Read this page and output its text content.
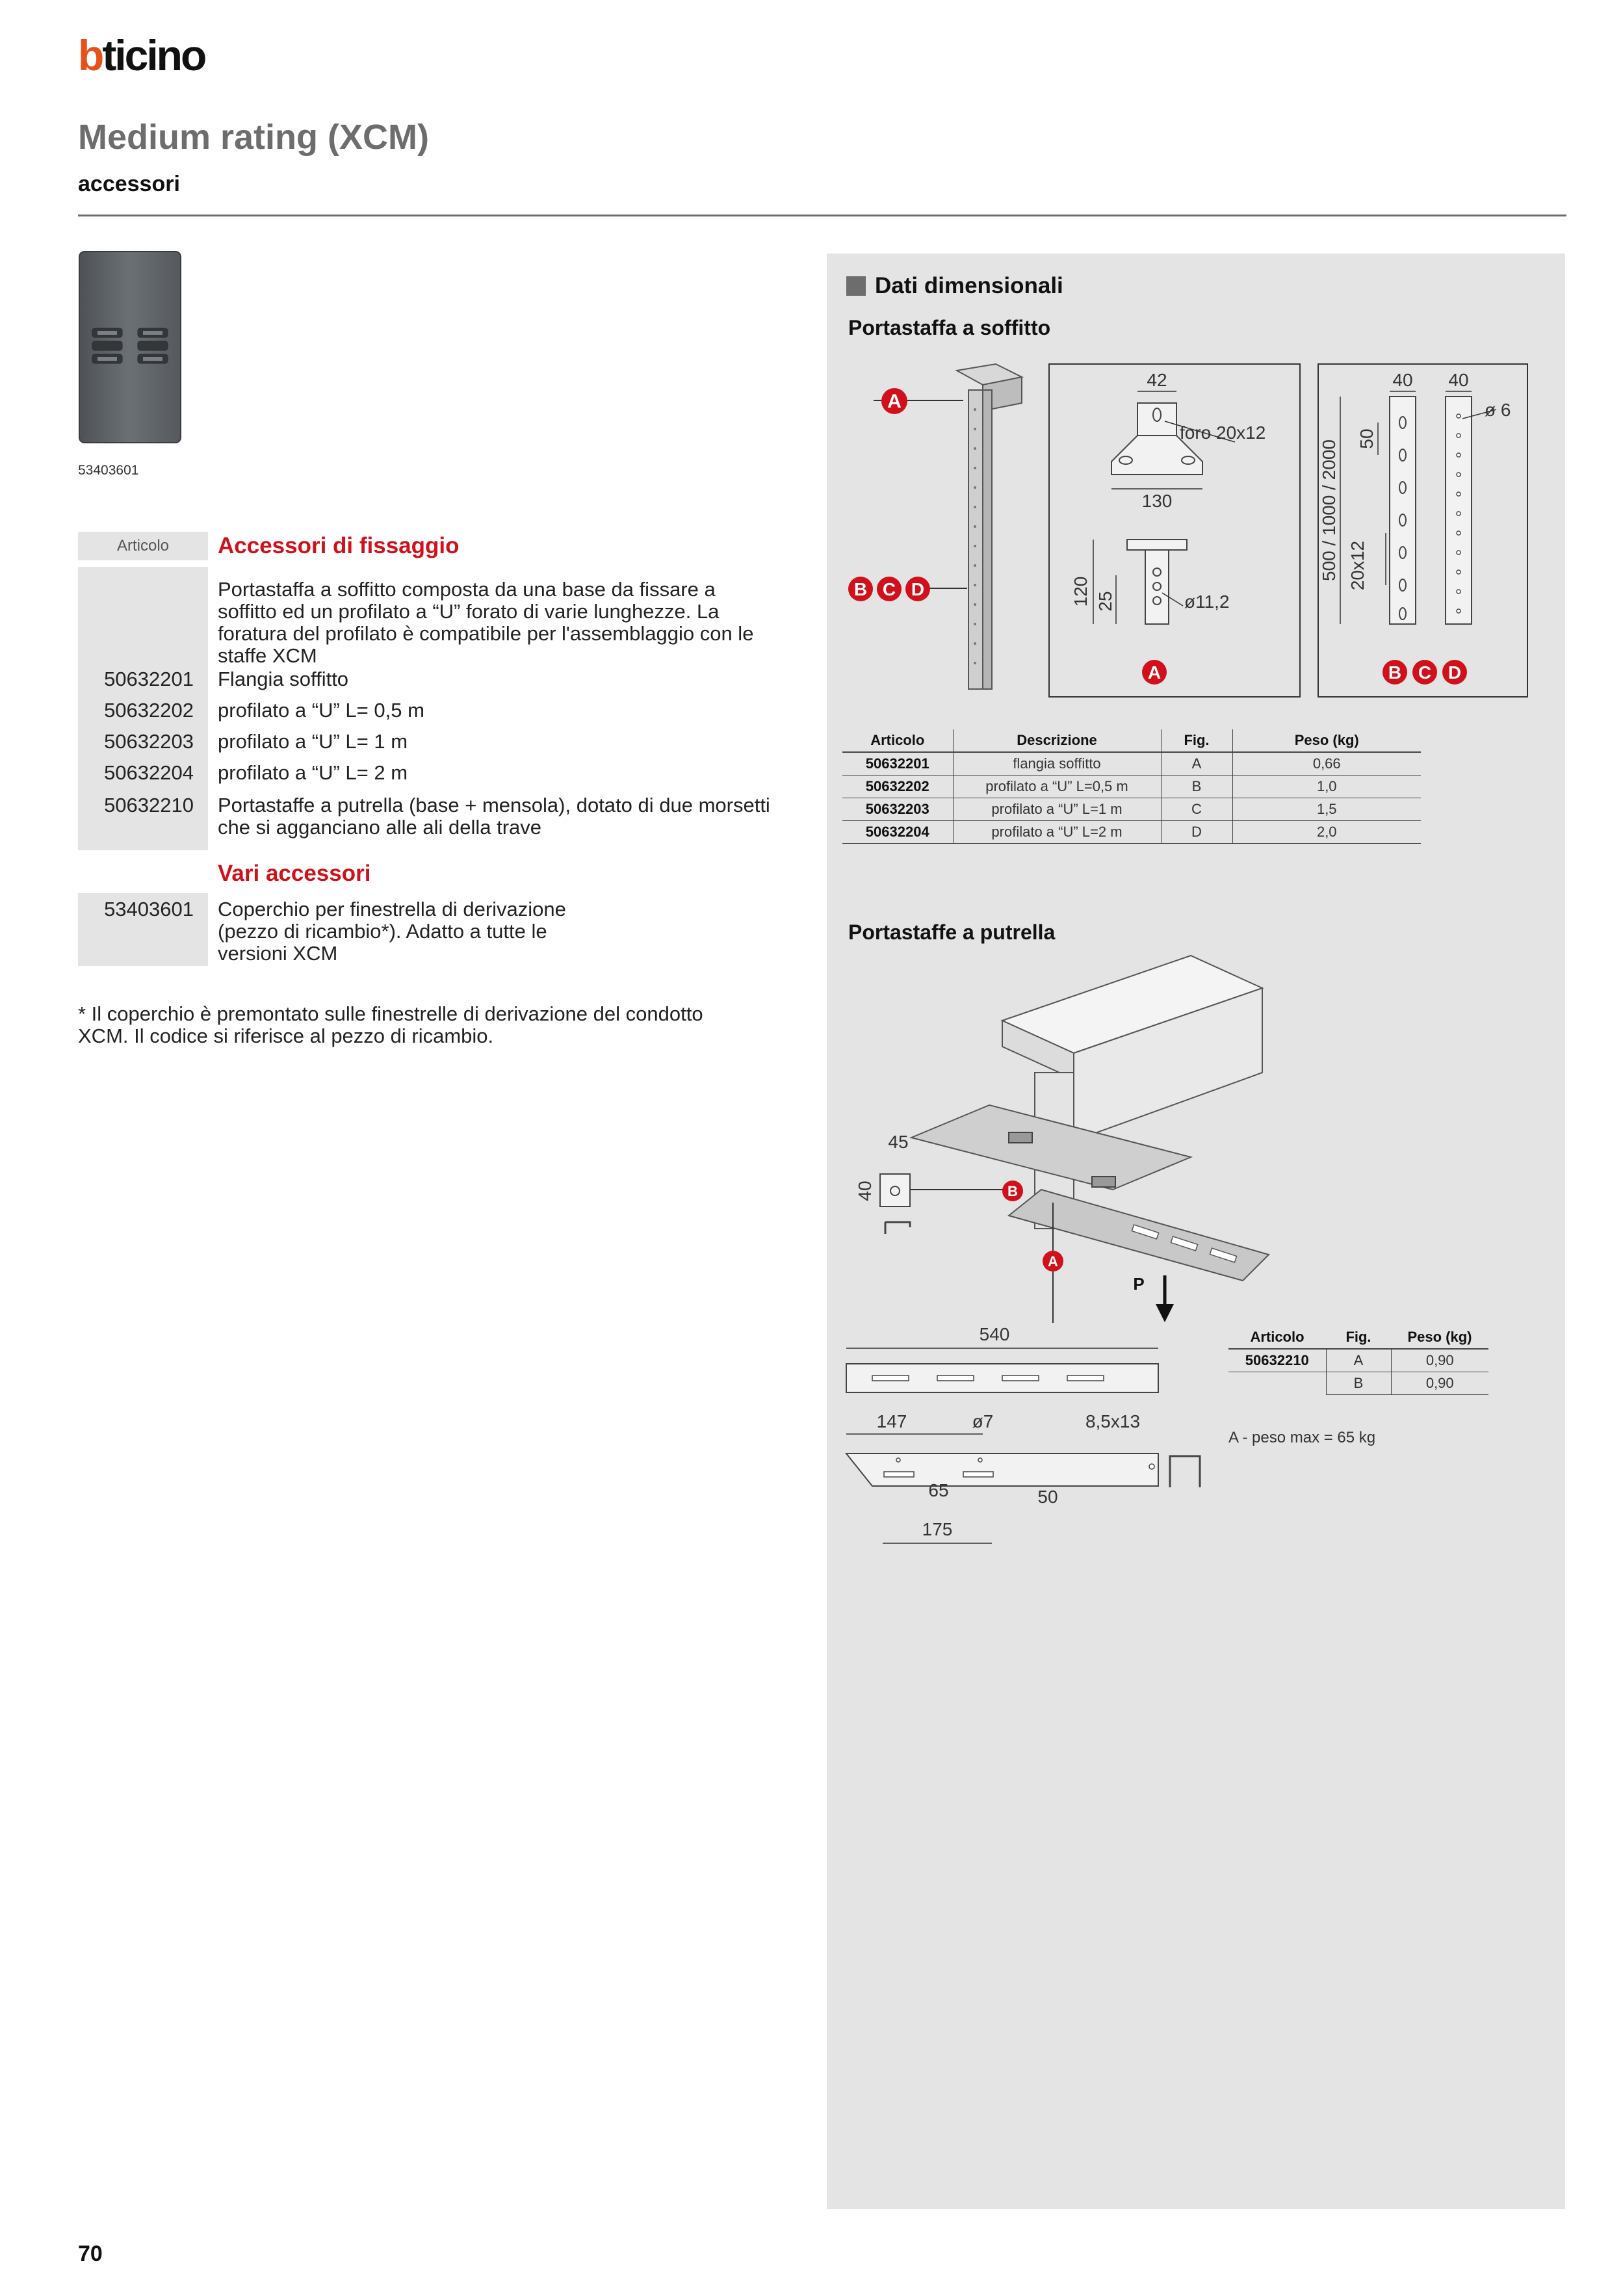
bticino
Medium rating (XCM)
accessori
53403601
Articolo	Accessori di fissaggio
Portastaffa a soffitto composta da una base da fissare a soffitto ed un profilato a “U” forato di varie lunghezze. La foratura del profilato è compatibile per l'assemblaggio con le staffe XCM
50632201	Flangia soffitto
50632202	profilato a “U” L= 0,5 m
50632203	profilato a “U” L= 1 m
50632204	profilato a “U” L= 2 m
50632210	Portastaffe a putrella (base + mensola), dotato di due morsetti che si agganciano alle ali della trave
Vari accessori
53403601	Coperchio per finestrella di derivazione (pezzo di ricambio*). Adatto a tutte le versioni XCM
* Il coperchio è premontato sulle finestrelle di derivazione del condotto XCM. Il codice si riferisce al pezzo di ricambio.
Dati dimensionali
Portastaffa a soffitto
A
B C D
42
foro 20x12
130
120 25	ø11,2
A
40 40
ø 6
50
500 / 1000 / 2000 20x12
B C D
Articolo	Descrizione	Fig.	Peso (kg)
50632201	flangia soffitto	A	0,66
50632202	profilato a “U” L=0,5 m	B	1,0
50632203	profilato a “U” L=1 m	C	1,5
50632204	profilato a “U” L=2 m	D	2,0
Portastaffe a putrella
B
A
P
45
40
540
147	ø7	8,5x13
65	50
175
Articolo	Fig.	Peso (kg)
50632210	A	0,90
	B	0,90
A - peso max = 65 kg
70
